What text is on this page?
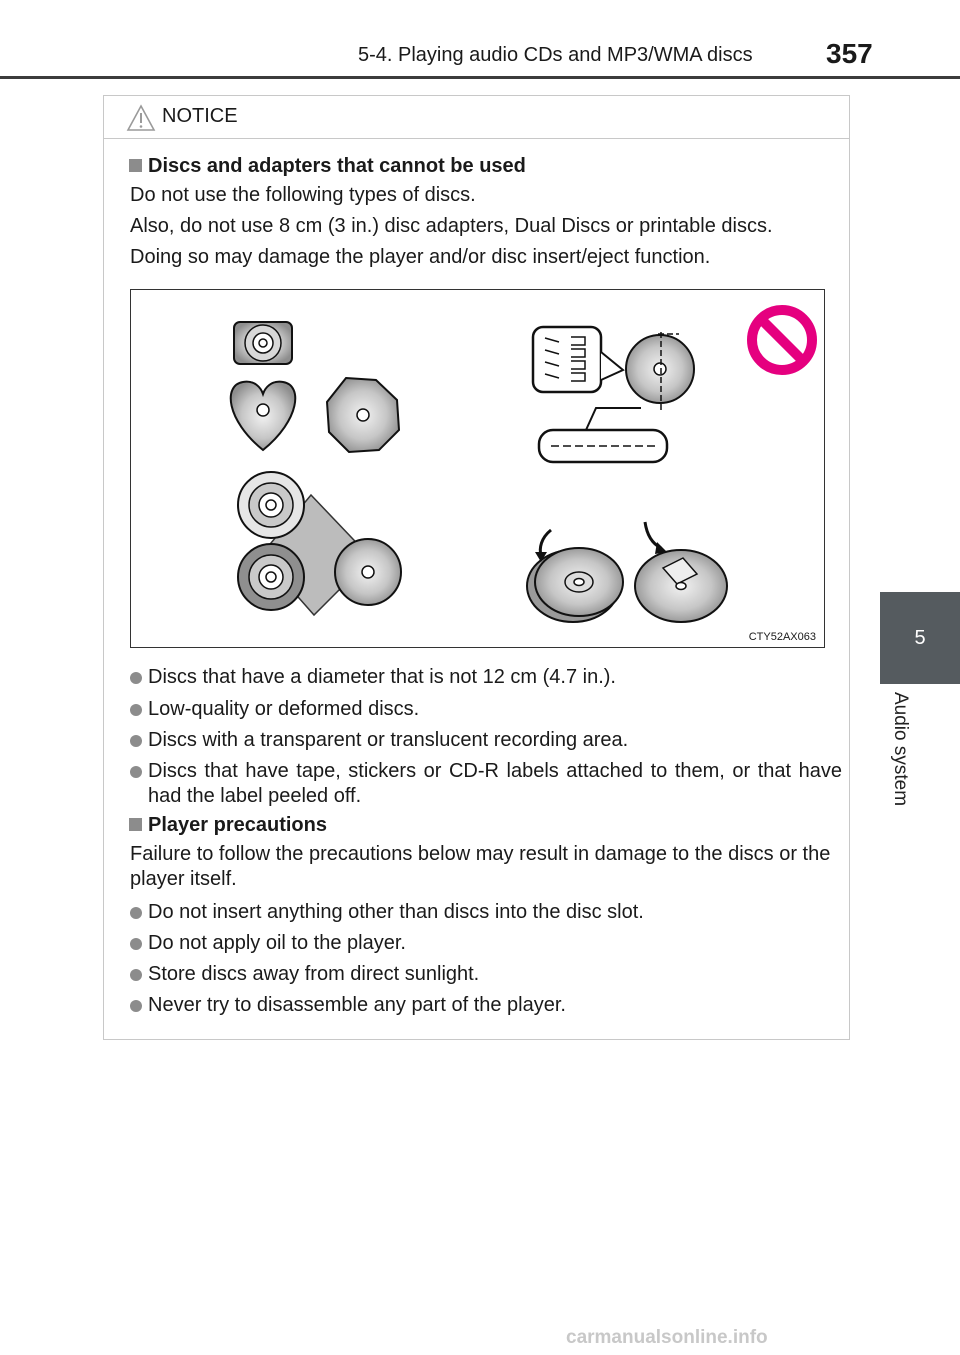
5-4. Playing audio CDs and MP3/WMA discs	357
5
Audio system
NOTICE
Discs and adapters that cannot be used
Do not use the following types of discs.
Also, do not use 8 cm (3 in.) disc adapters, Dual Discs or printable discs.
Doing so may damage the player and/or disc insert/eject function.
CTY52AX063
Discs that have a diameter that is not 12 cm (4.7 in.).
Low-quality or deformed discs.
Discs with a transparent or translucent recording area.
Discs that have tape, stickers or CD-R labels attached to them, or that have had the label peeled off.
Player precautions
Failure to follow the precautions below may result in damage to the discs or the player itself.
Do not insert anything other than discs into the disc slot.
Do not apply oil to the player.
Store discs away from direct sunlight.
Never try to disassemble any part of the player.
carmanualsonline.info
